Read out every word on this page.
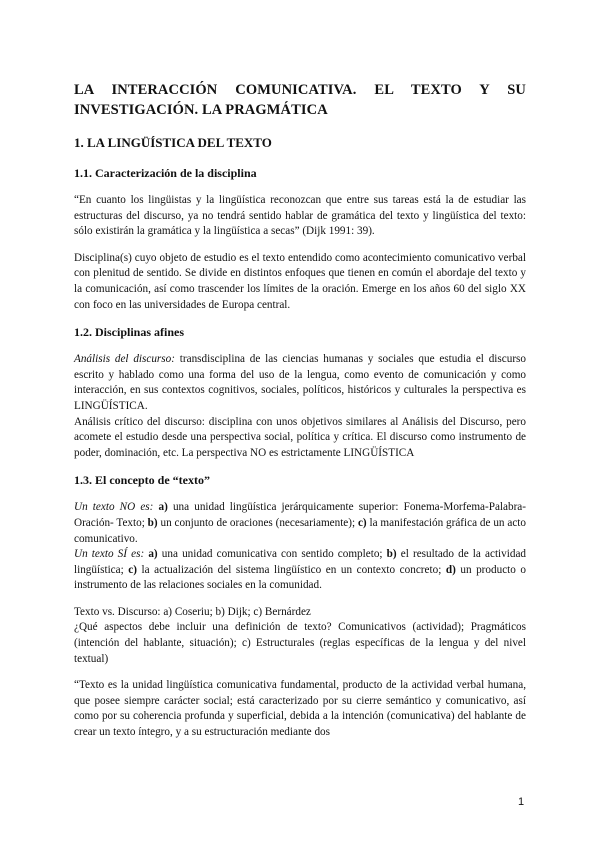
LA INTERACCIÓN COMUNICATIVA. EL TEXTO Y SU
INVESTIGACIÓN. LA PRAGMÁTICA
1. LA LINGÜÍSTICA DEL TEXTO
1.1. Caracterización de la disciplina

“En cuanto los lingüistas y la lingüística reconozcan que entre sus tareas está la de estudiar las estructuras del discurso, ya no tendrá sentido hablar de gramática del texto y lingüística del texto: sólo existirán la gramática y la lingüística a secas” (Dijk 1991: 39).

Disciplina(s) cuyo objeto de estudio es el texto entendido como acontecimiento comunicativo verbal con plenitud de sentido. Se divide en distintos enfoques que tienen en común el abordaje del texto y la comunicación, así como trascender los límites de la oración. Emerge en los años 60 del siglo XX con foco en las universidades de Europa central.

1.2. Disciplinas afines

Análisis del discurso: transdisciplina de las ciencias humanas y sociales que estudia el discurso escrito y hablado como una forma del uso de la lengua, como evento de comunicación y como interacción, en sus contextos cognitivos, sociales, políticos, históricos y culturales la perspectiva es LINGÜÍSTICA.

Análisis crítico del discurso: disciplina con unos objetivos similares al Análisis del Discurso, pero acomete el estudio desde una perspectiva social, política y crítica. El discurso como instrumento de poder, dominación, etc. La perspectiva NO es estrictamente LINGÜÍSTICA

1.3. El concepto de “texto”

Un texto NO es: a) una unidad lingüística jerárquicamente superior: Fonema-Morfema-Palabra-Oración- Texto; b) un conjunto de oraciones (necesariamente); c) la manifestación gráfica de un acto comunicativo.

Un texto SÍ es: a) una unidad comunicativa con sentido completo; b) el resultado de la actividad lingüística; c) la actualización del sistema lingüístico en un contexto concreto; d) un producto o instrumento de las relaciones sociales en la comunidad.

Texto vs. Discurso: a) Coseriu; b) Dijk; c) Bernárdez

¿Qué aspectos debe incluir una definición de texto? Comunicativos (actividad); Pragmáticos (intención del hablante, situación); c) Estructurales (reglas específicas de la lengua y del nivel textual)

“Texto es la unidad lingüística comunicativa fundamental, producto de la actividad verbal humana, que posee siempre carácter social; está caracterizado por su cierre semántico y comunicativo, así como por su coherencia profunda y superficial, debida a la intención (comunicativa) del hablante de crear un texto íntegro, y a su estructuración mediante dos

1
